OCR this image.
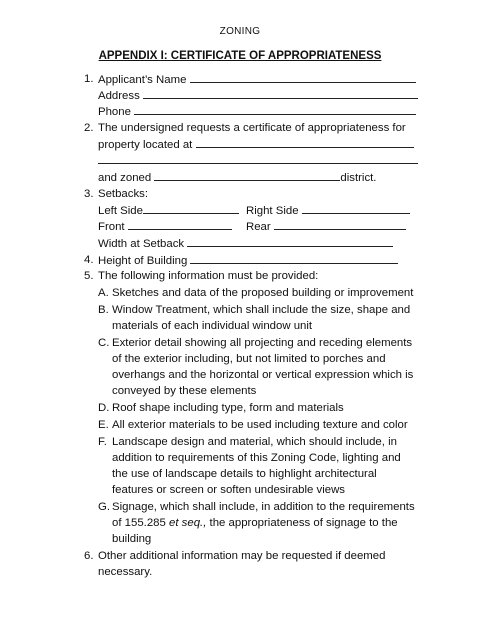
ZONING
APPENDIX I: CERTIFICATE OF APPROPRIATENESS
1. Applicant’s Name
Address
Phone
2. The undersigned requests a certificate of appropriateness for
property located at
and zoned	district.
3. Setbacks:
Left Side	Right Side
Front	Rear
Width at Setback
4. Height of Building
5. The following information must be provided:
A. Sketches and data of the proposed building or improvement
B. Window Treatment, which shall include the size, shape and
materials of each individual window unit
C. Exterior detail showing all projecting and receding elements
of the exterior including, but not limited to porches and
overhangs and the horizontal or vertical expression which is
conveyed by these elements
D. Roof shape including type, form and materials
E. All exterior materials to be used including texture and color
F. Landscape design and material, which should include, in
addition to requirements of this Zoning Code, lighting and
the use of landscape details to highlight architectural
features or screen or soften undesirable views
G. Signage, which shall include, in addition to the requirements
of 155.285 et seq., the appropriateness of signage to the
building
6. Other additional information may be requested if deemed
necessary.
